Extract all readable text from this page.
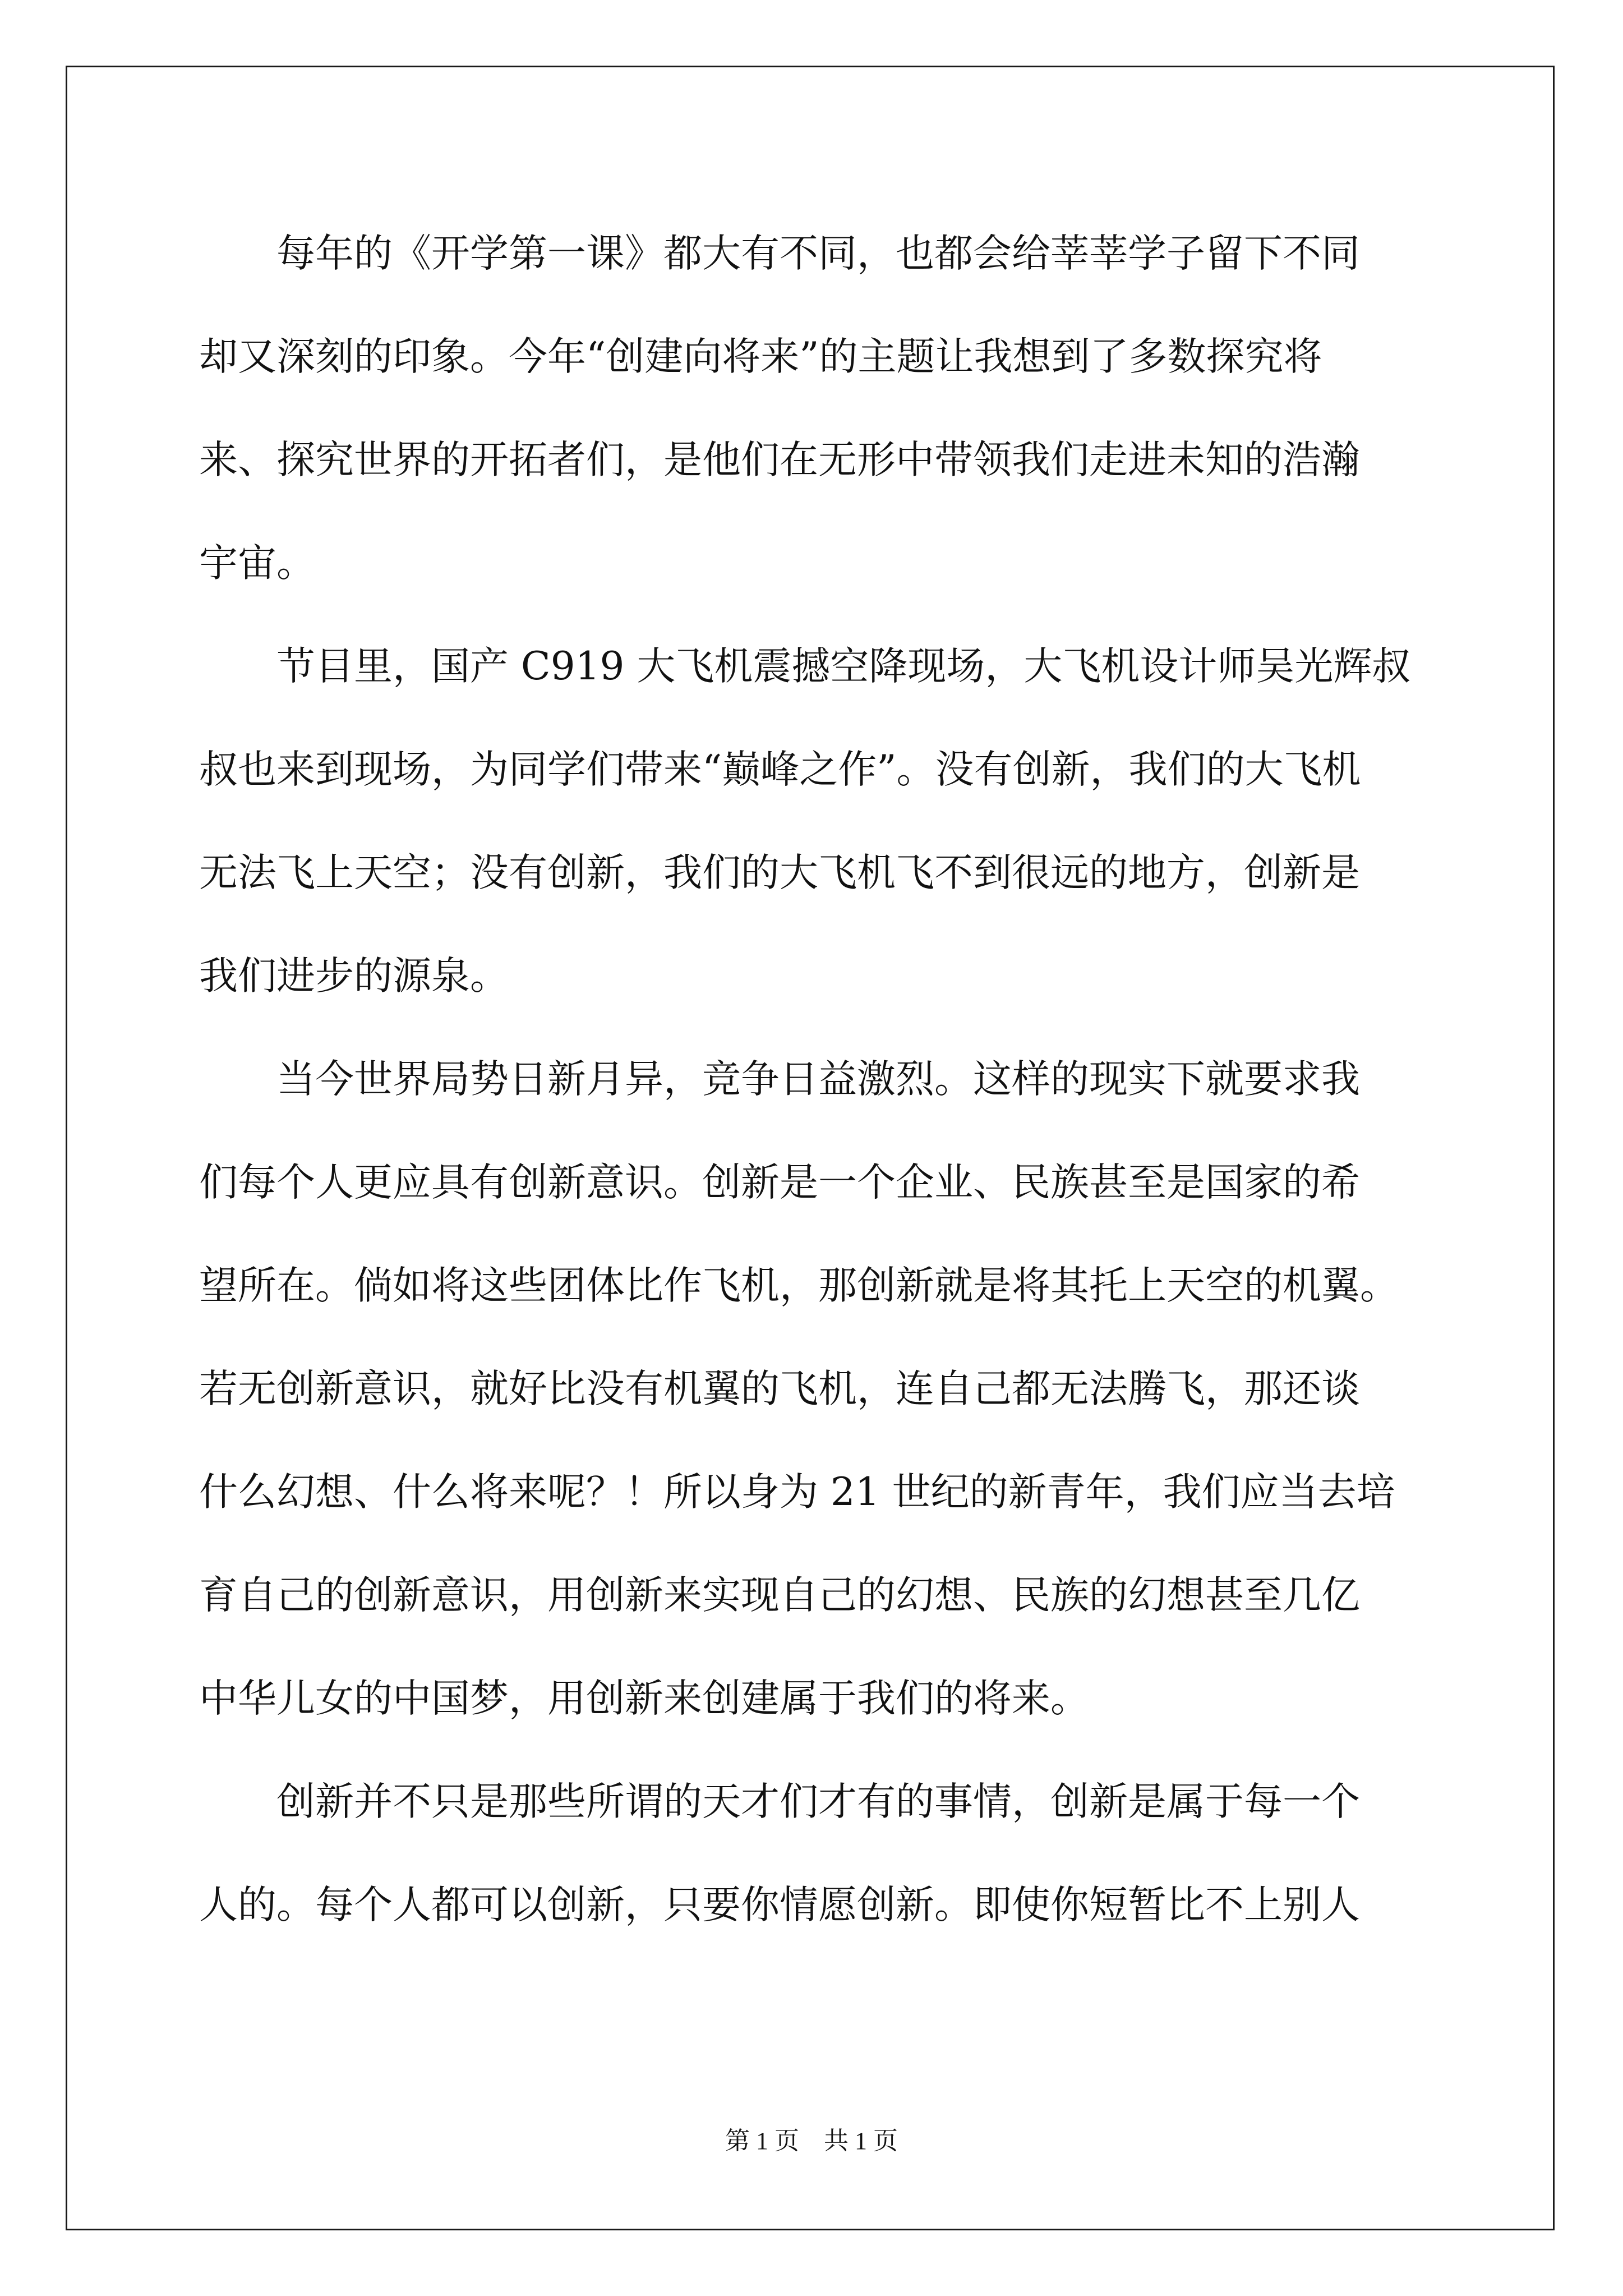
　　每年的《开学第一课》都大有不同，也都会给莘莘学子留下不同
却又深刻的印象。今年“创建向将来”的主题让我想到了多数探究将
来、探究世界的开拓者们，是他们在无形中带领我们走进未知的浩瀚
宇宙。
　　节目里，国产 C919 大飞机震撼空降现场，大飞机设计师吴光辉叔
叔也来到现场，为同学们带来“巅峰之作”。没有创新，我们的大飞机
无法飞上天空；没有创新，我们的大飞机飞不到很远的地方，创新是
我们进步的源泉。
　　当今世界局势日新月异，竞争日益激烈。这样的现实下就要求我
们每个人更应具有创新意识。创新是一个企业、民族甚至是国家的希
望所在。倘如将这些团体比作飞机，那创新就是将其托上天空的机翼。
若无创新意识，就好比没有机翼的飞机，连自己都无法腾飞，那还谈
什么幻想、什么将来呢？！所以身为 21 世纪的新青年，我们应当去培
育自己的创新意识，用创新来实现自己的幻想、民族的幻想甚至几亿
中华儿女的中国梦，用创新来创建属于我们的将来。
　　创新并不只是那些所谓的天才们才有的事情，创新是属于每一个
人的。每个人都可以创新，只要你情愿创新。即使你短暂比不上别人
第 1 页　共 1 页
